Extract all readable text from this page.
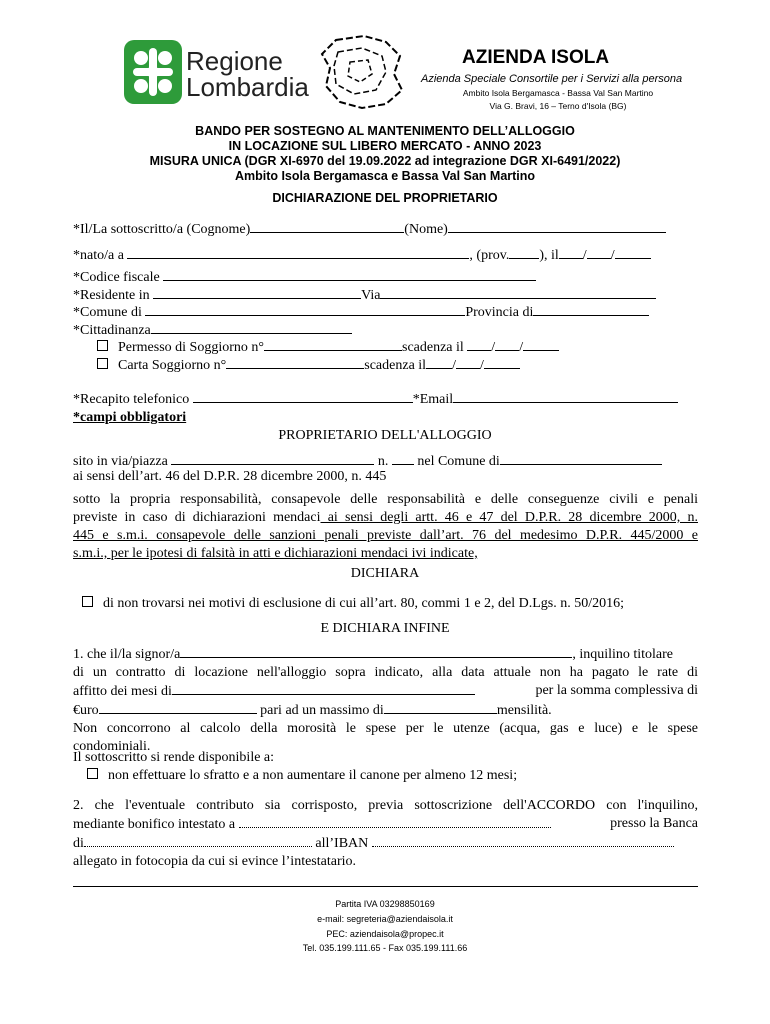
Regione
Lombardia
AZIENDA ISOLA
Azienda Speciale Consortile per i Servizi alla persona
Ambito Isola Bergamasca - Bassa Val San Martino
Via G. Bravi, 16 – Terno d'Isola (BG)
BANDO PER SOSTEGNO AL MANTENIMENTO DELL’ALLOGGIO
IN LOCAZIONE SUL LIBERO MERCATO - ANNO 2023
MISURA UNICA (DGR XI-6970 del 19.09.2022 ad integrazione DGR XI-6491/2022)
Ambito Isola Bergamasca e Bassa Val San Martino
DICHIARAZIONE DEL PROPRIETARIO
*Il/La sottoscritto/a (Cognome)	(Nome)
*nato/a a	, (prov. ), il / /
*Codice fiscale
*Residente in	Via
*Comune di	Provincia di
*Cittadinanza
Permesso di Soggiorno n°	scadenza il / /
Carta Soggiorno n°	scadenza il / /
*Recapito telefonico	*Email
*campi obbligatori
PROPRIETARIO DELL'ALLOGGIO
sito in via/piazza	n. nel Comune di
ai sensi dell’art. 46 del D.P.R. 28 dicembre 2000, n. 445
sotto la propria responsabilità, consapevole delle responsabilità e delle conseguenze civili e penali
previste in caso di dichiarazioni mendaci ai sensi degli artt. 46 e 47 del D.P.R. 28 dicembre 2000, n.
445 e s.m.i. consapevole delle sanzioni penali previste dall’art. 76 del medesimo D.P.R. 445/2000 e
s.m.i., per le ipotesi di falsità in atti e dichiarazioni mendaci ivi indicate,
DICHIARA
di non trovarsi nei motivi di esclusione di cui all’art. 80, commi 1 e 2, del D.Lgs. n. 50/2016;
E DICHIARA INFINE
1. che il/la signor/a	, inquilino titolare
di un contratto di locazione nell'alloggio sopra indicato, alla data attuale non ha pagato le rate di
affitto dei mesi di	per la somma complessiva di
€uro	pari ad un massimo di	mensilità.
Non concorrono al calcolo della morosità le spese per le utenze (acqua, gas e luce) e le spese
condominiali.
Il sottoscritto si rende disponibile a:
non effettuare lo sfratto e a non aumentare il canone per almeno 12 mesi;
2. che l'eventuale contributo sia corrisposto, previa sottoscrizione dell'ACCORDO con l'inquilino,
mediante bonifico intestato a	presso la Banca
di	all’IBAN
allegato in fotocopia da cui si evince l’intestatario.
Partita IVA 03298850169
e-mail: segreteria@aziendaisola.it
PEC: aziendaisola@propec.it
Tel. 035.199.111.65 - Fax 035.199.111.66
